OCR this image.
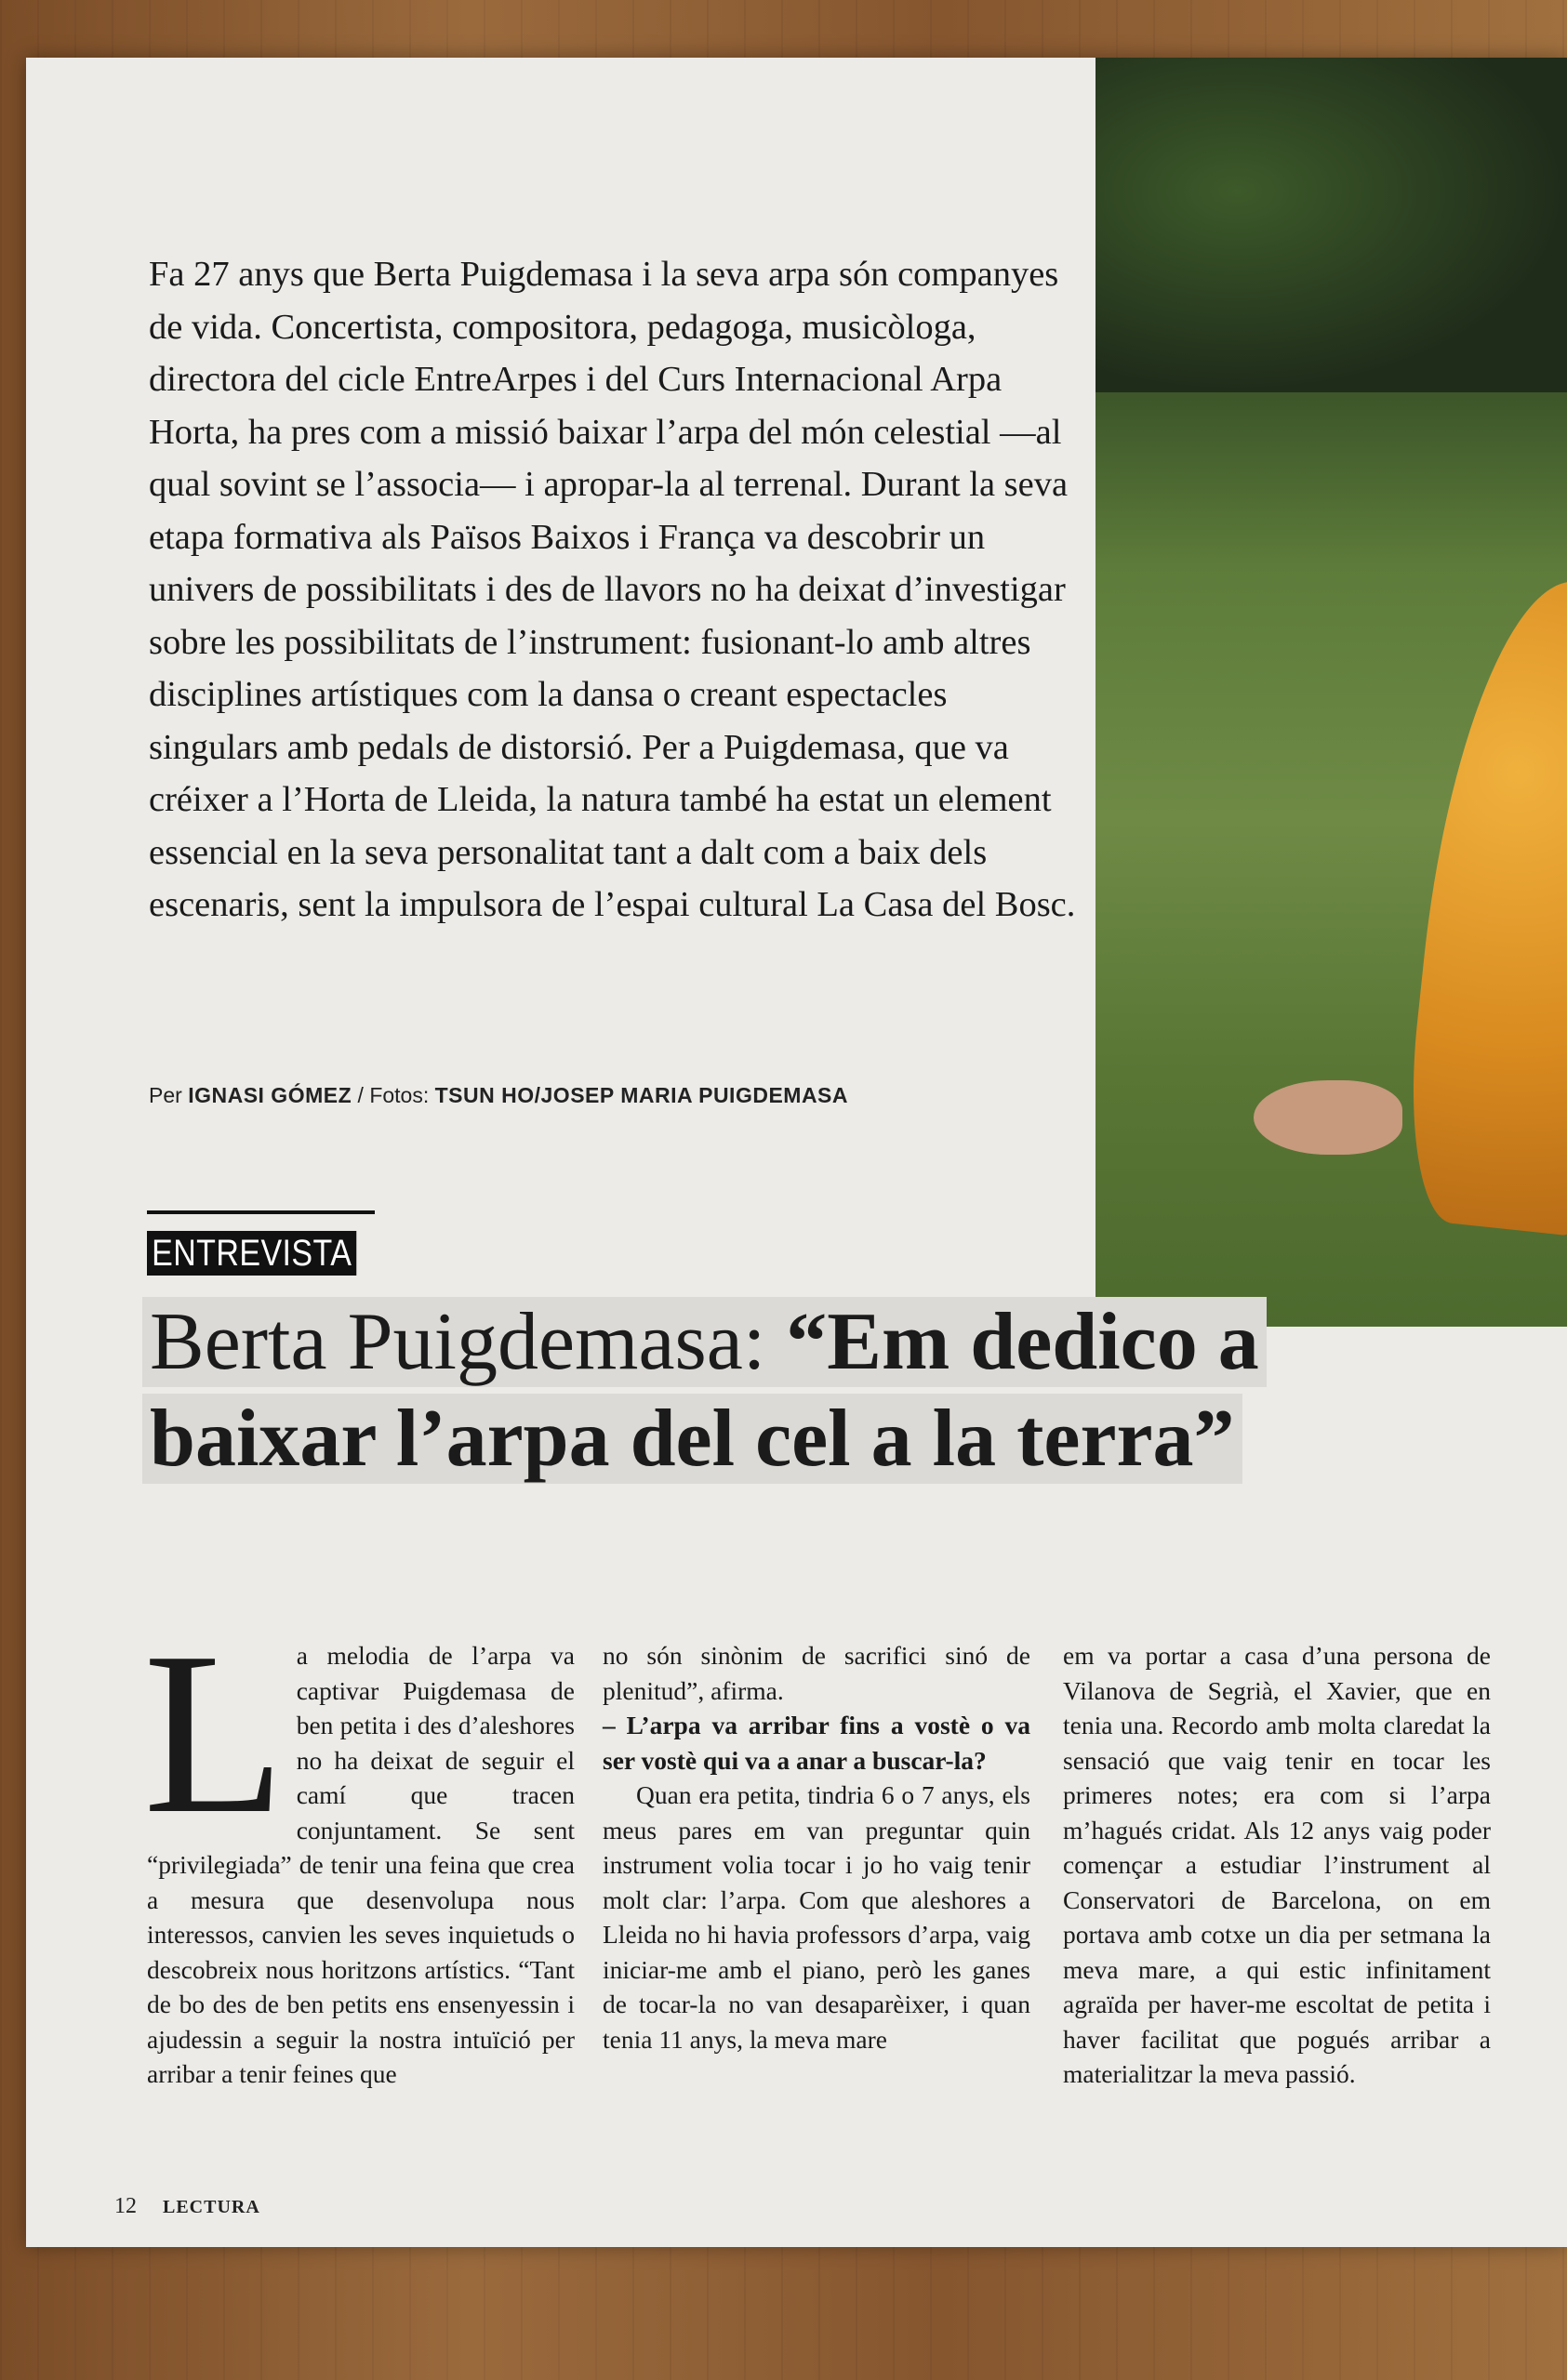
Fa 27 anys que Berta Puigdemasa i la seva arpa són companyes de vida. Concertista, compositora, pedagoga, musicòloga, directora del cicle EntreArpes i del Curs Internacional Arpa Horta, ha pres com a missió baixar l’arpa del món celestial —al qual sovint se l’associa— i apropar-la al terrenal. Durant la seva etapa formativa als Països Baixos i França va descobrir un univers de possibilitats i des de llavors no ha deixat d’investigar sobre les possibilitats de l’instrument: fusionant-lo amb altres disciplines artístiques com la dansa o creant espectacles singulars amb pedals de distorsió. Per a Puigdemasa, que va créixer a l’Horta de Lleida, la natura també ha estat un element essencial en la seva personalitat tant a dalt com a baix dels escenaris, sent la impulsora de l’espai cultural La Casa del Bosc.

Per IGNASI GÓMEZ / Fotos: TSUN HO/JOSEP MARIA PUIGDEMASA
ENTREVISTA
Berta Puigdemasa: “Em dedico a
baixar l’arpa del cel a la terra”
L a melodia de l’arpa va captivar Puigdemasa de ben petita i des d’aleshores no ha deixat de seguir el camí que tracen conjuntament. Se sent “privilegiada” de tenir una feina que crea a mesura que desenvolupa nous interessos, canvien les seves inquietuds o descobreix nous horitzons artístics. “Tant de bo des de ben petits ens ensenyessin i ajudessin a seguir la nostra intuïció per arribar a tenir feines que
no són sinònim de sacrifici sinó de plenitud”, afirma.
– L’arpa va arribar fins a vostè o va ser vostè qui va a anar a buscar-la?
Quan era petita, tindria 6 o 7 anys, els meus pares em van preguntar quin instrument volia tocar i jo ho vaig tenir molt clar: l’arpa. Com que aleshores a Lleida no hi havia professors d’arpa, vaig iniciar-me amb el piano, però les ganes de tocar-la no van desaparèixer, i quan tenia 11 anys, la meva mare
em va portar a casa d’una persona de Vilanova de Segrià, el Xavier, que en tenia una. Recordo amb molta claredat la sensació que vaig tenir en tocar les primeres notes; era com si l’arpa m’hagués cridat. Als 12 anys vaig poder començar a estudiar l’instrument al Conservatori de Barcelona, on em portava amb cotxe un dia per setmana la meva mare, a qui estic infinitament agraïda per haver-me escoltat de petita i haver facilitat que pogués arribar a materialitzar la meva passió.
12 LECTURA
